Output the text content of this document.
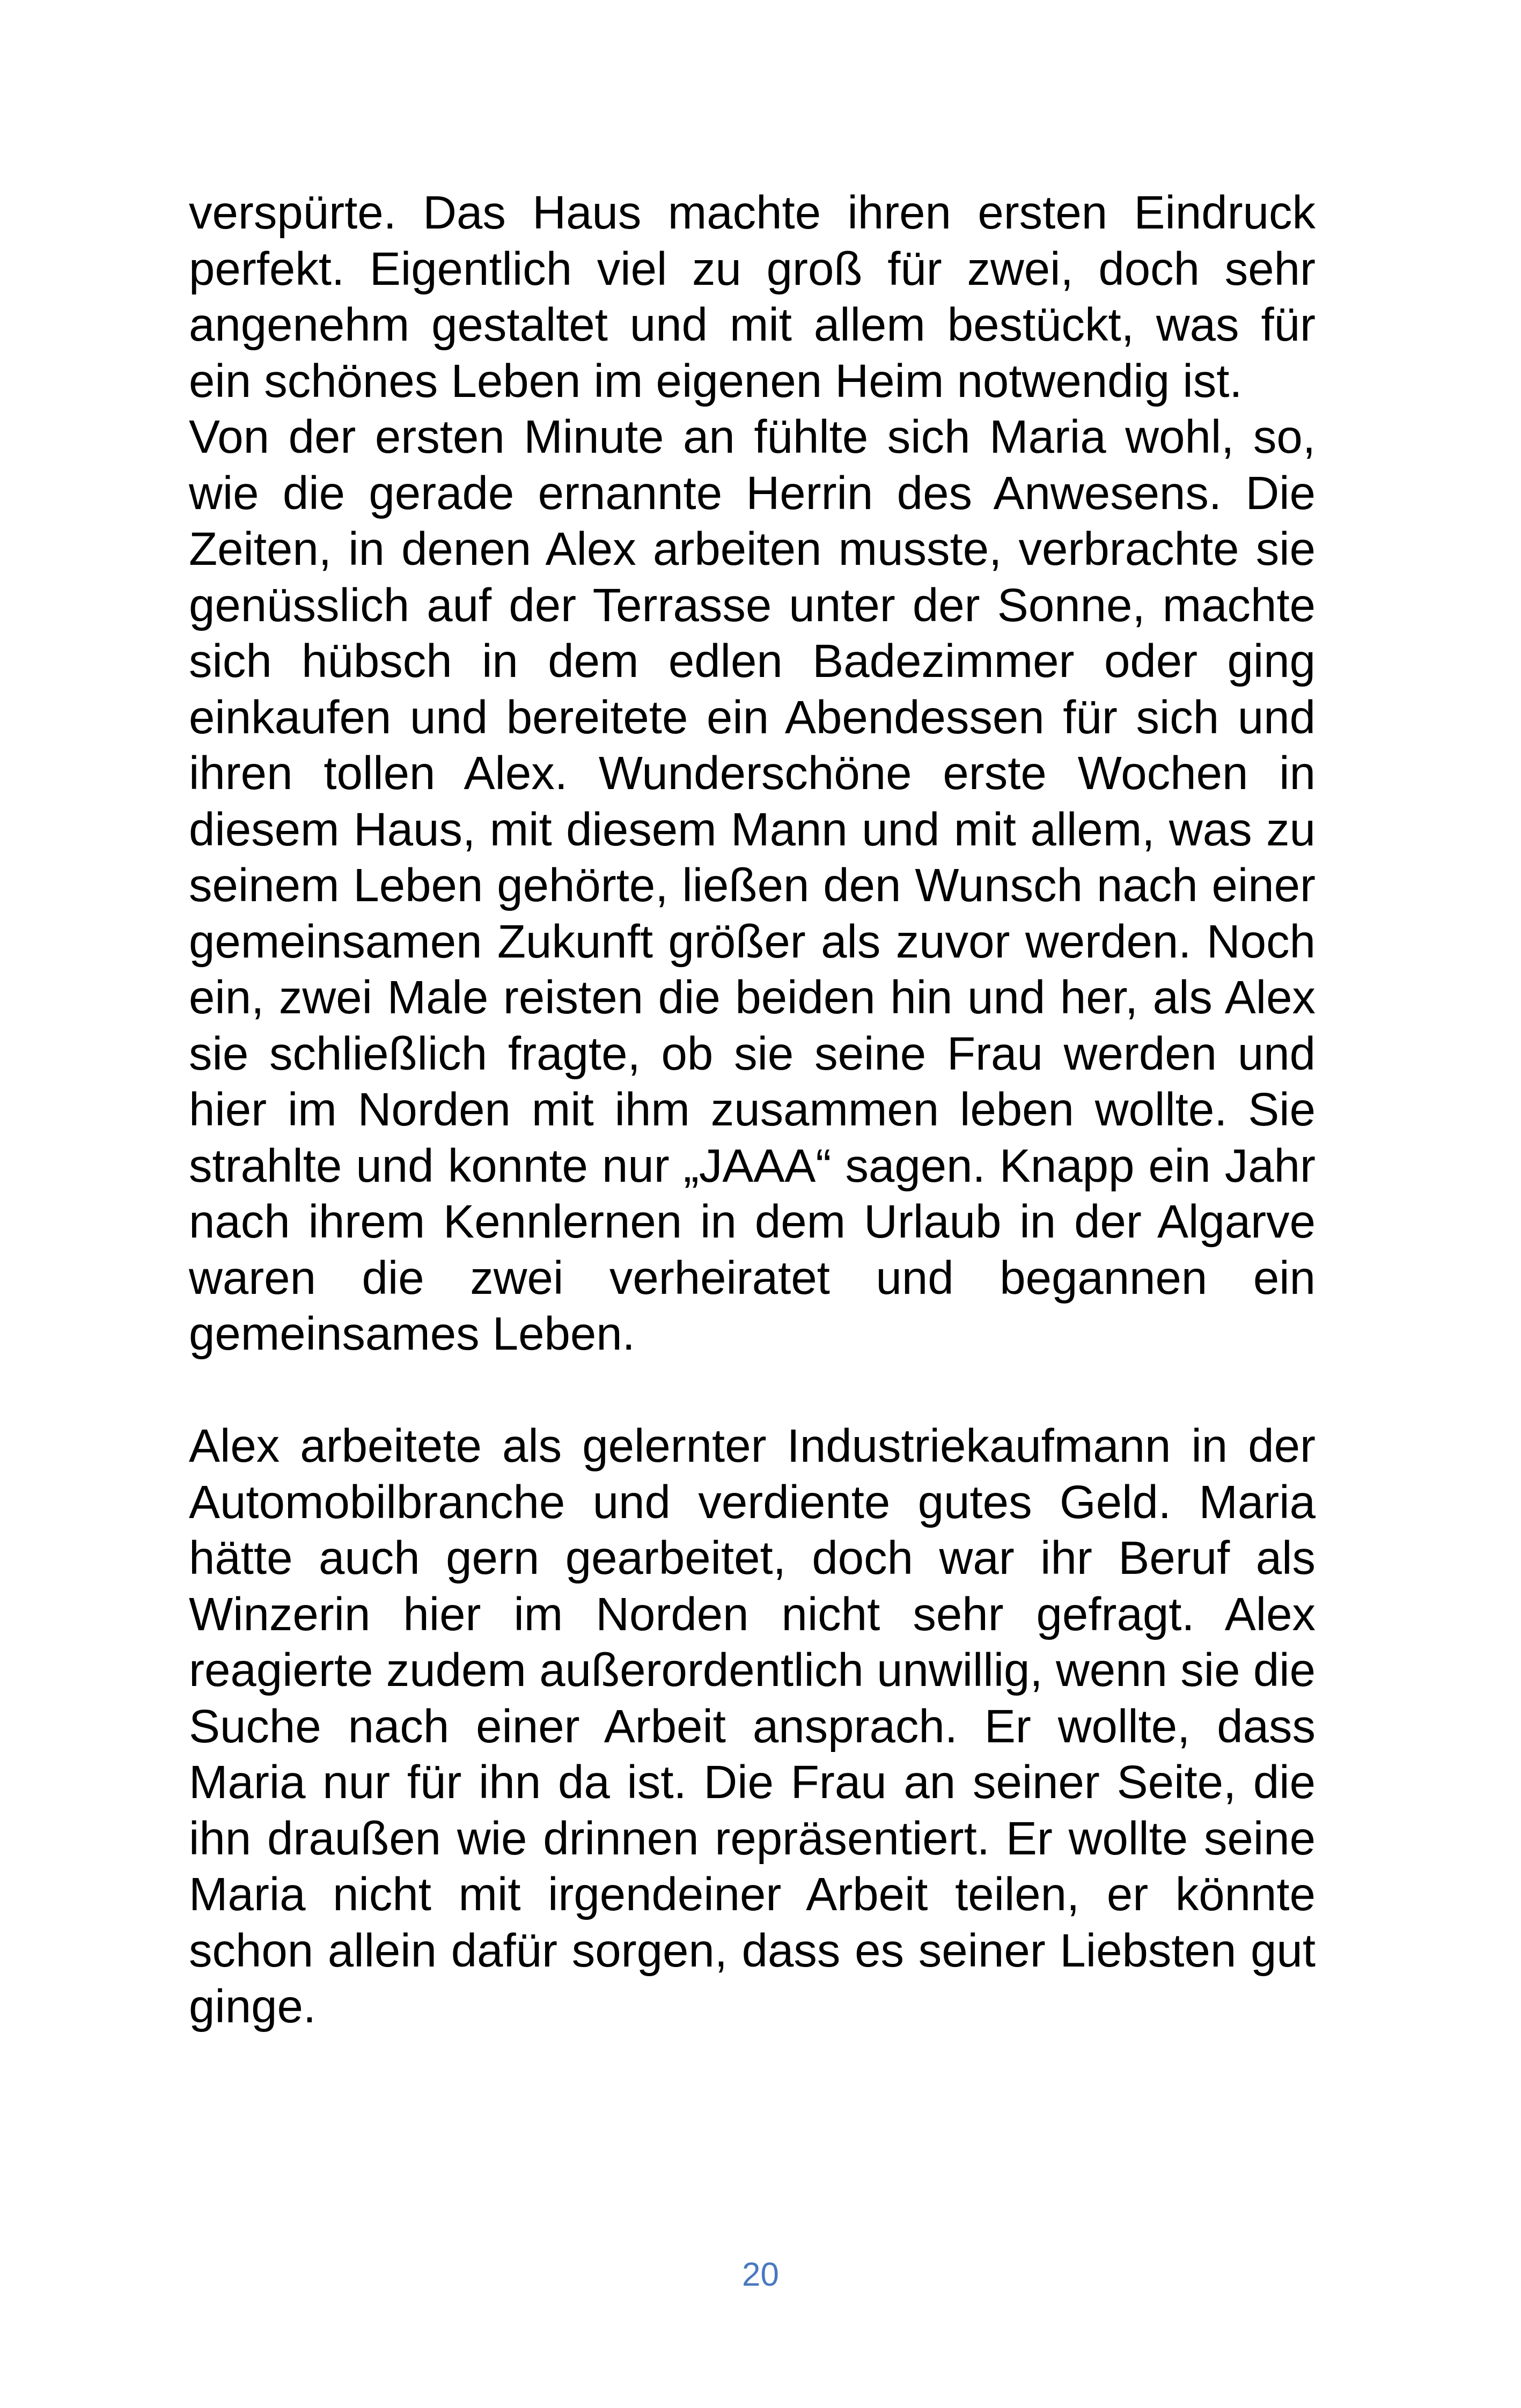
verspürte. Das Haus machte ihren ersten Eindruck perfekt. Eigentlich viel zu groß für zwei, doch sehr angenehm gestaltet und mit allem bestückt, was für ein schönes Leben im eigenen Heim notwendig ist.

Von der ersten Minute an fühlte sich Maria wohl, so, wie die gerade ernannte Herrin des Anwesens. Die Zeiten, in denen Alex arbeiten musste, verbrachte sie genüsslich auf der Terrasse unter der Sonne, machte sich hübsch in dem edlen Badezimmer oder ging einkaufen und bereitete ein Abendessen für sich und ihren tollen Alex. Wunderschöne erste Wochen in diesem Haus, mit diesem Mann und mit allem, was zu seinem Leben gehörte, ließen den Wunsch nach einer gemeinsamen Zukunft größer als zuvor werden. Noch ein, zwei Male reisten die beiden hin und her, als Alex sie schließlich fragte, ob sie seine Frau werden und hier im Norden mit ihm zusammen leben wollte. Sie strahlte und konnte nur „JAAA“ sagen. Knapp ein Jahr nach ihrem Kennlernen in dem Urlaub in der Algarve waren die zwei verheiratet und begannen ein gemeinsames Leben.

Alex arbeitete als gelernter Industriekaufmann in der Automobilbranche und verdiente gutes Geld. Maria hätte auch gern gearbeitet, doch war ihr Beruf als Winzerin hier im Norden nicht sehr gefragt. Alex reagierte zudem außerordentlich unwillig, wenn sie die Suche nach einer Arbeit ansprach. Er wollte, dass Maria nur für ihn da ist. Die Frau an seiner Seite, die ihn draußen wie drinnen repräsentiert. Er wollte seine Maria nicht mit irgendeiner Arbeit teilen, er könnte schon allein dafür sorgen, dass es seiner Liebsten gut ginge.

20
